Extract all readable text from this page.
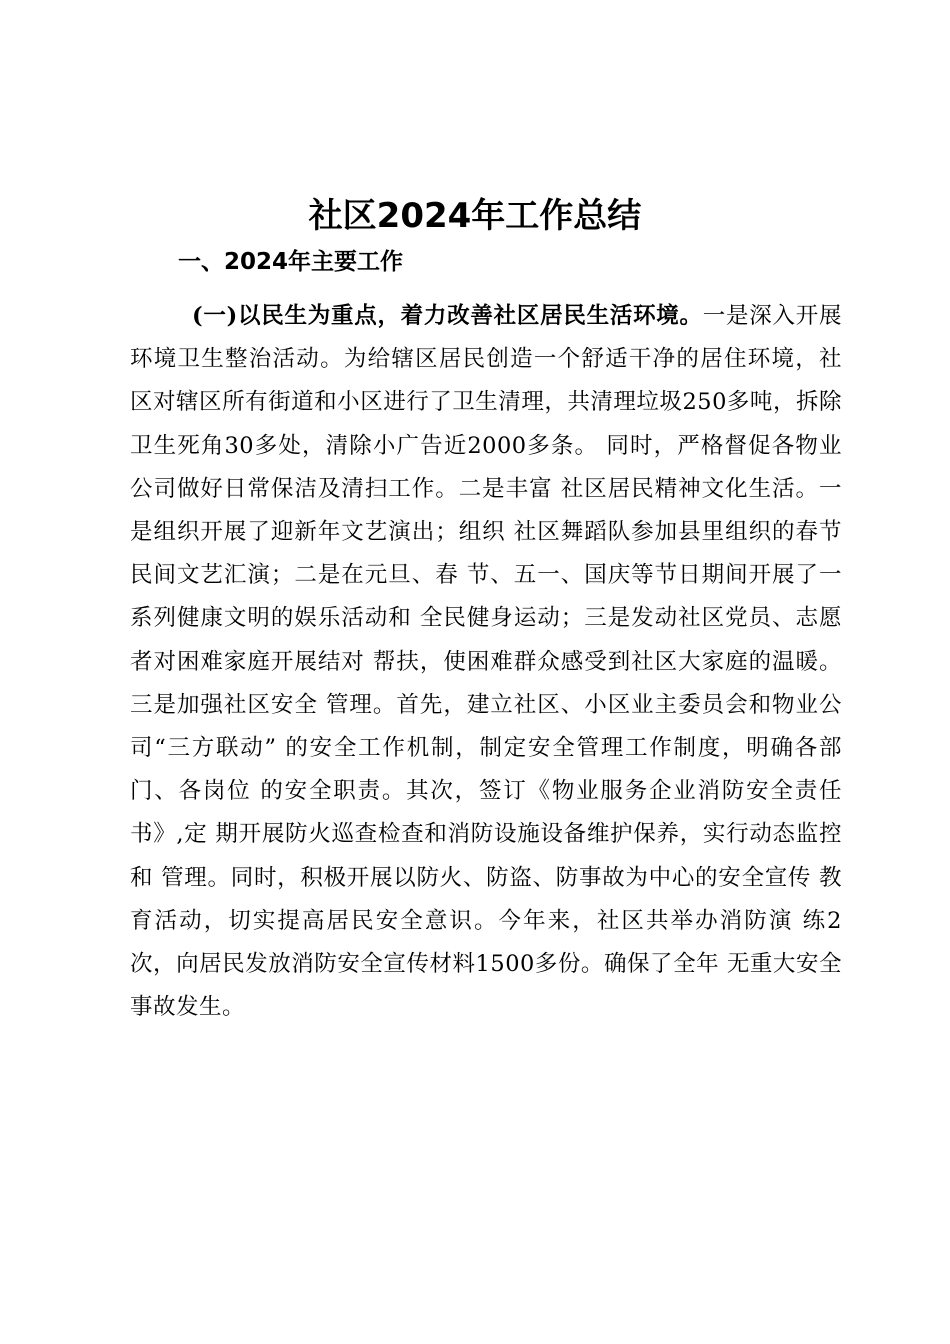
社区2024年工作总结
一、2024年主要工作
(一)以民生为重点，着力改善社区居民生活环境。一是深入开展环境卫生整治活动。为给辖区居民创造一个舒适干净的居住环境，社区对辖区所有街道和小区进行了卫生清理，共清理垃圾250多吨，拆除卫生死角30多处，清除小广告近2000多条。 同时，严格督促各物业公司做好日常保洁及清扫工作。二是丰富 社区居民精神文化生活。一是组织开展了迎新年文艺演出；组织 社区舞蹈队参加县里组织的春节民间文艺汇演；二是在元旦、春 节、五一、国庆等节日期间开展了一系列健康文明的娱乐活动和 全民健身运动；三是发动社区党员、志愿者对困难家庭开展结对 帮扶，使困难群众感受到社区大家庭的温暖。三是加强社区安全 管理。首先，建立社区、小区业主委员会和物业公司“三方联动” 的安全工作机制，制定安全管理工作制度，明确各部门、各岗位 的安全职责。其次，签订《物业服务企业消防安全责任书》,定 期开展防火巡查检查和消防设施设备维护保养，实行动态监控和 管理。同时，积极开展以防火、防盗、防事故为中心的安全宣传 教育活动，切实提高居民安全意识。今年来，社区共举办消防演 练2次，向居民发放消防安全宣传材料1500多份。确保了全年 无重大安全事故发生。
